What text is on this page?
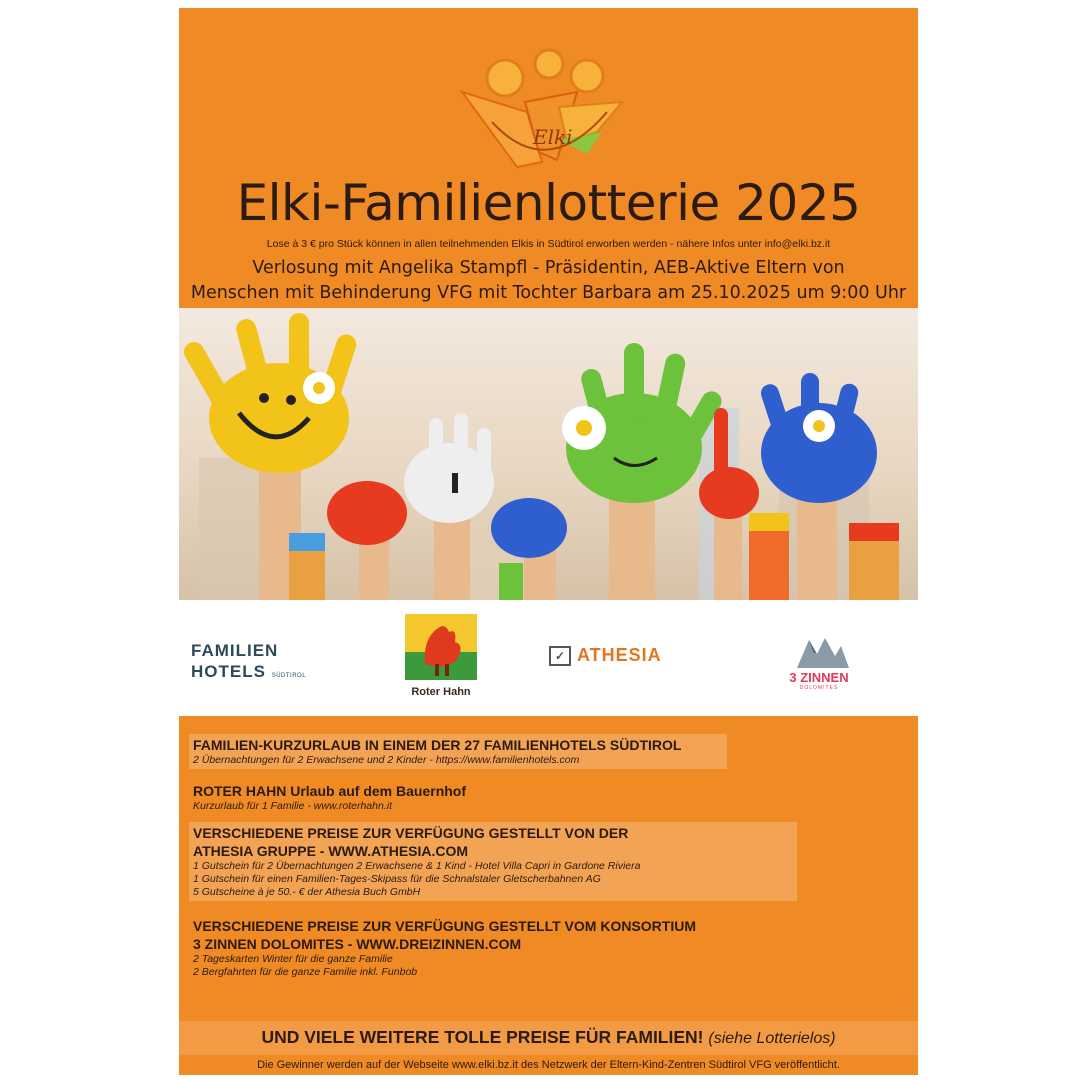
Elki
Elki-Familienlotterie 2025
Lose à 3 € pro Stück können in allen teilnehmenden Elkis in Südtirol erworben werden - nähere Infos unter info@elki.bz.it
Verlosung mit Angelika Stampfl - Präsidentin, AEB-Aktive Eltern von
Menschen mit Behinderung VFG mit Tochter Barbara am 25.10.2025 um 9:00 Uhr
FAMILIEN
HOTELS SÜDTIROL
Roter Hahn
✓ ATHESIA
3 ZINNEN
DOLOMITES
FAMILIEN-KURZURLAUB IN EINEM DER 27 FAMILIENHOTELS SÜDTIROL
2 Übernachtungen für 2 Erwachsene und 2 Kinder - https://www.familienhotels.com
ROTER HAHN Urlaub auf dem Bauernhof
Kurzurlaub für 1 Familie - www.roterhahn.it
VERSCHIEDENE PREISE ZUR VERFÜGUNG GESTELLT VON DER
ATHESIA GRUPPE - WWW.ATHESIA.COM
1 Gutschein für 2 Übernachtungen 2 Erwachsene & 1 Kind - Hotel Villa Capri in Gardone Riviera
1 Gutschein für einen Familien-Tages-Skipass für die Schnalstaler Gletscherbahnen AG
5 Gutscheine à je 50.- € der Athesia Buch GmbH
VERSCHIEDENE PREISE ZUR VERFÜGUNG GESTELLT VOM KONSORTIUM
3 ZINNEN DOLOMITES - WWW.DREIZINNEN.COM
2 Tageskarten Winter für die ganze Familie
2 Bergfahrten für die ganze Familie inkl. Funbob
UND VIELE WEITERE TOLLE PREISE FÜR FAMILIEN! (siehe Lotterielos)
Die Gewinner werden auf der Webseite www.elki.bz.it des Netzwerk der Eltern-Kind-Zentren Südtirol VFG veröffentlicht.
